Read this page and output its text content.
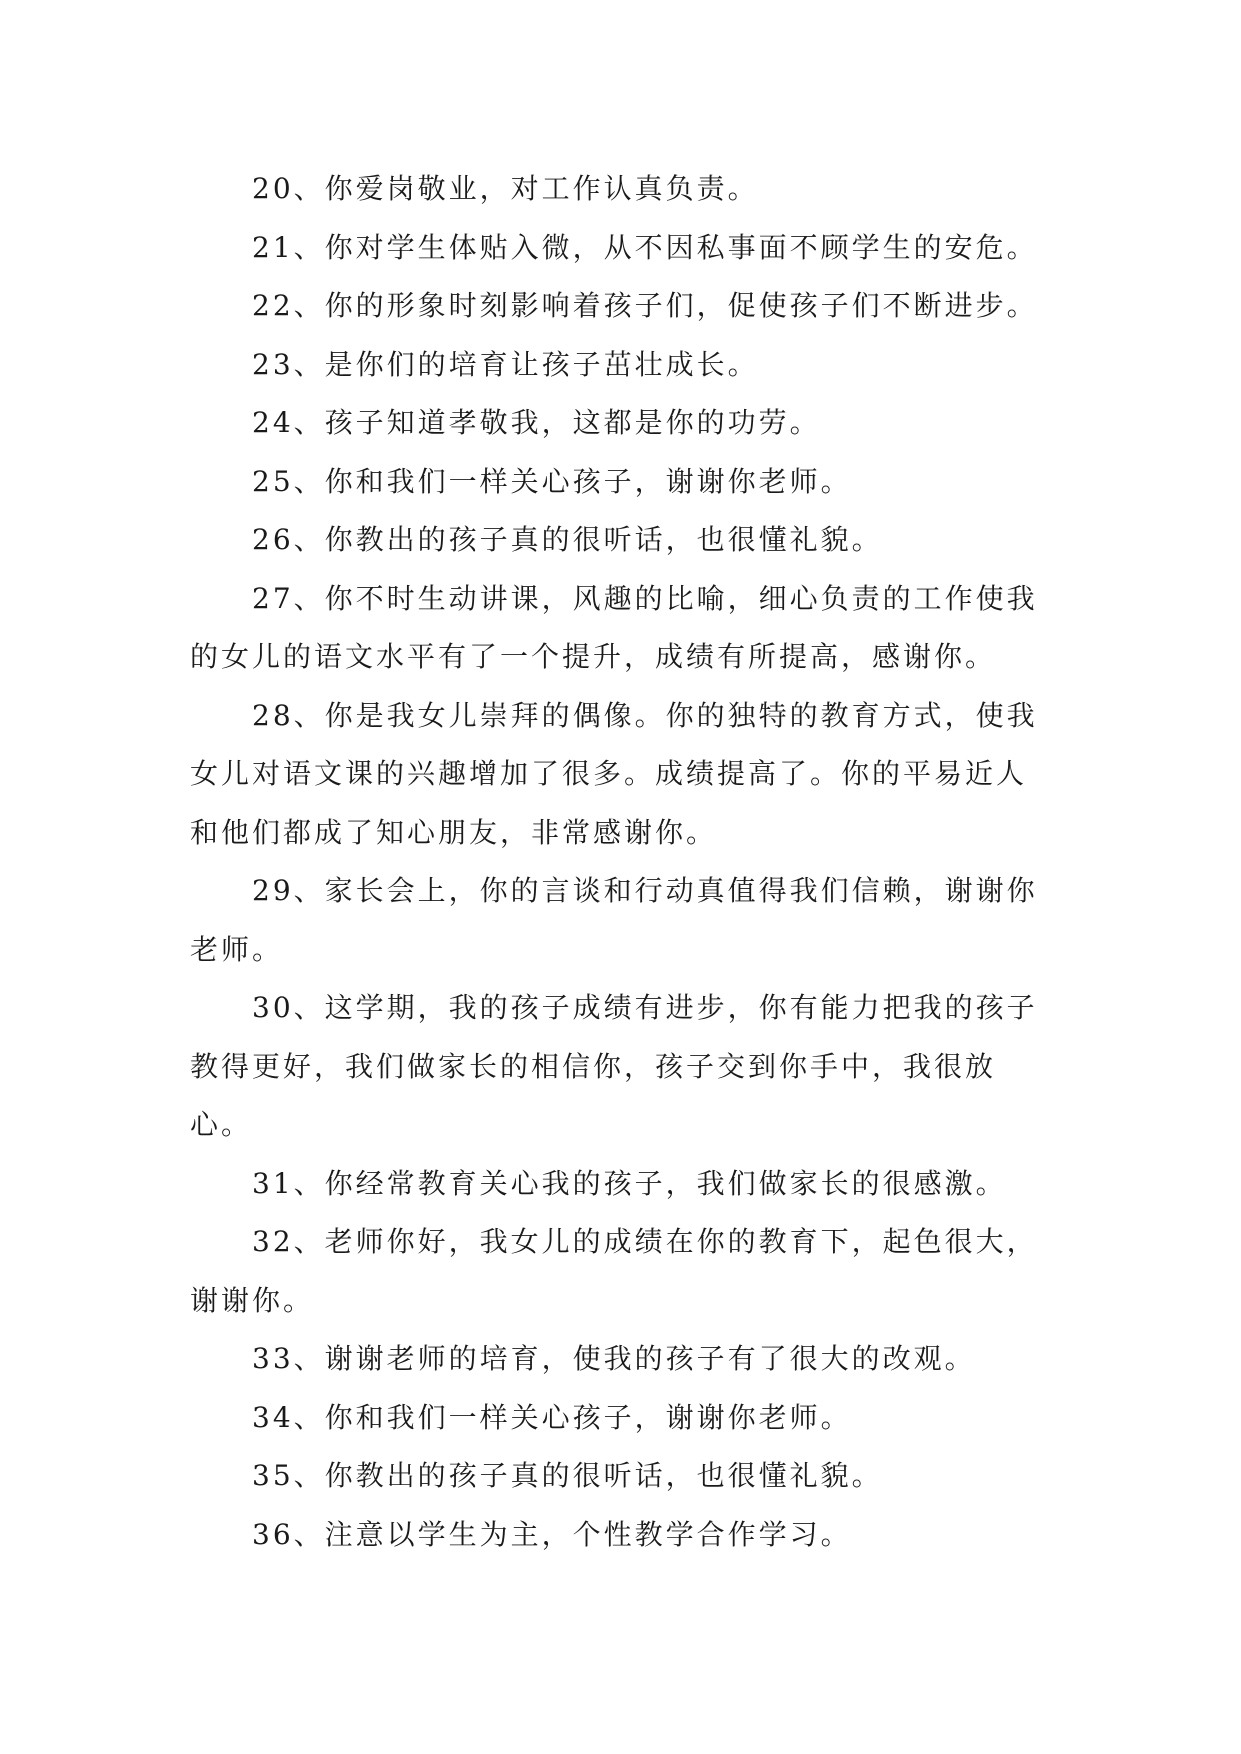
20、你爱岗敬业，对工作认真负责。

21、你对学生体贴入微，从不因私事面不顾学生的安危。

22、你的形象时刻影响着孩子们，促使孩子们不断进步。

23、是你们的培育让孩子茁壮成长。

24、孩子知道孝敬我，这都是你的功劳。

25、你和我们一样关心孩子，谢谢你老师。

26、你教出的孩子真的很听话，也很懂礼貌。

27、你不时生动讲课，风趣的比喻，细心负责的工作使我的女儿的语文水平有了一个提升，成绩有所提高，感谢你。

28、你是我女儿崇拜的偶像。你的独特的教育方式，使我女儿对语文课的兴趣增加了很多。成绩提高了。你的平易近人和他们都成了知心朋友，非常感谢你。

29、家长会上，你的言谈和行动真值得我们信赖，谢谢你老师。

30、这学期，我的孩子成绩有进步，你有能力把我的孩子教得更好，我们做家长的相信你，孩子交到你手中，我很放心。

31、你经常教育关心我的孩子，我们做家长的很感激。

32、老师你好，我女儿的成绩在你的教育下，起色很大，谢谢你。

33、谢谢老师的培育，使我的孩子有了很大的改观。

34、你和我们一样关心孩子，谢谢你老师。

35、你教出的孩子真的很听话，也很懂礼貌。

36、注意以学生为主，个性教学合作学习。
